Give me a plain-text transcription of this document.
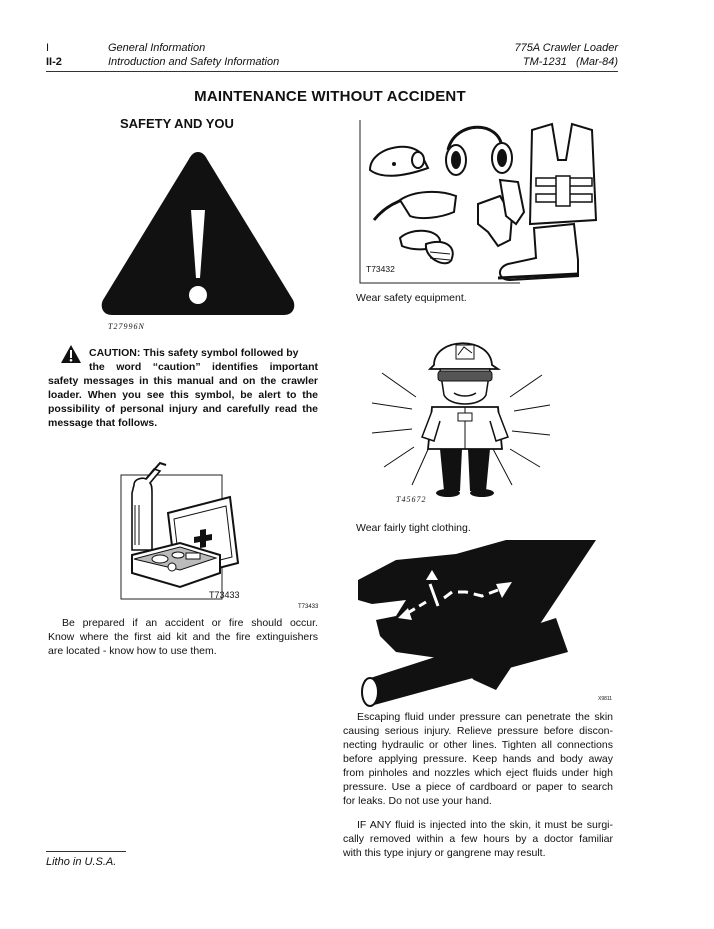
I
II-2
General Information
Introduction and Safety Information
775A Crawler Loader
TM-1231   (Mar-84)
MAINTENANCE WITHOUT ACCIDENT
SAFETY AND YOU
T27996N
CAUTION: This safety symbol followed by
the word “caution” identifies important
safety messages in this manual and on the crawler
loader. When you see this symbol, be alert to the
possibility of personal injury and carefully read the
message that follows.
T73433
T73433
Be prepared if an accident or fire should occur.
Know where the first aid kit and the fire extinguishers
are located - know how to use them.
T73432
Wear safety equipment.
T45672
Wear fairly tight clothing.
X9811
Escaping fluid under pressure can penetrate the skin
causing serious injury. Relieve pressure before discon-
necting hydraulic or other lines. Tighten all connections
before applying pressure. Keep hands and body away
from pinholes and nozzles which eject fluids under high
pressure. Use a piece of cardboard or paper to search
for leaks. Do not use your hand.
IF ANY fluid is injected into the skin, it must be surgi-
cally removed within a few hours by a doctor familiar
with this type injury or gangrene may result.
Litho in U.S.A.
